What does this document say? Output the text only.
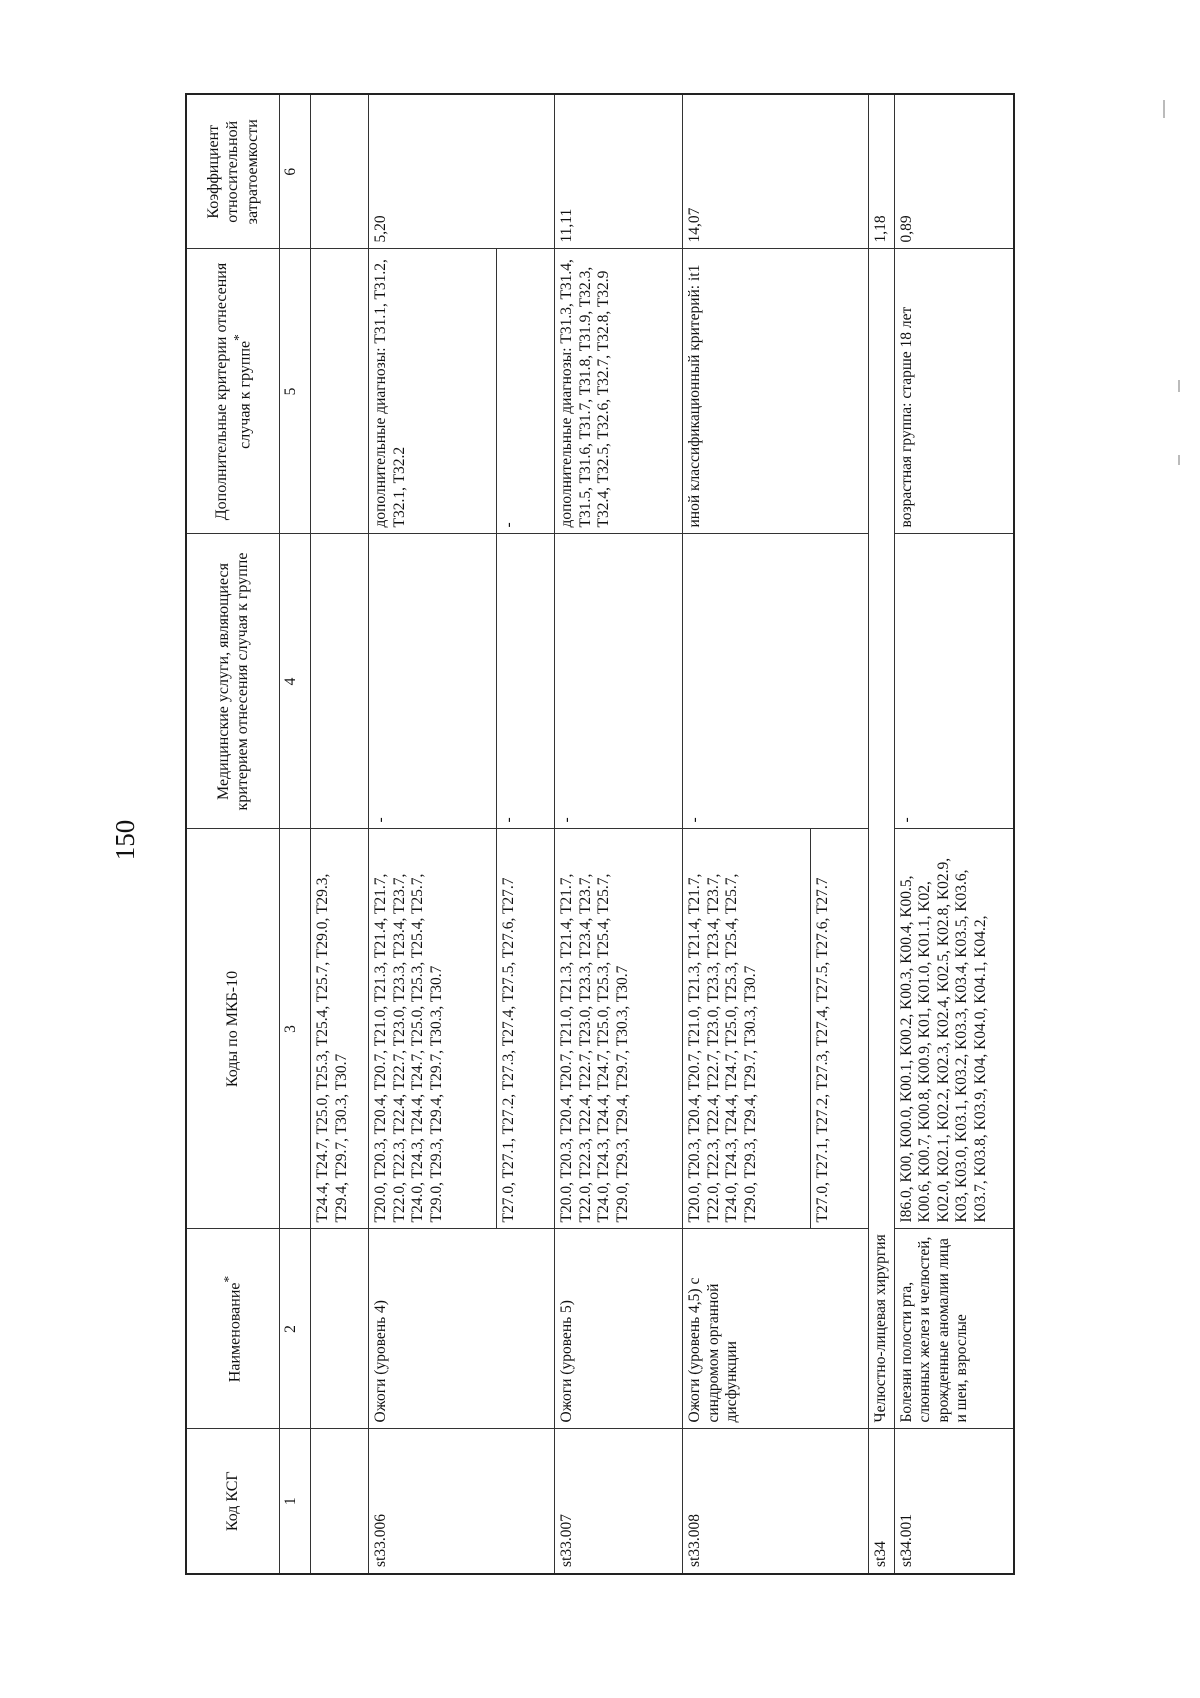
150
Код КСГ	Наименование*	Коды по МКБ-10	Медицинские услуги, являющиеся критерием отнесения случая к группе	Дополнительные критерии отнесения случая к группе*	Коэффициент относительной затратоемкости
1	2	3	4	5	6
		T24.4, T24.7, T25.0, T25.3, T25.4, T25.7, T29.0, T29.3, T29.4, T29.7, T30.3, T30.7			
st33.006	Ожоги (уровень 4)	T20.0, T20.3, T20.4, T20.7, T21.0, T21.3, T21.4, T21.7, T22.0, T22.3, T22.4, T22.7, T23.0, T23.3, T23.4, T23.7, T24.0, T24.3, T24.4, T24.7, T25.0, T25.3, T25.4, T25.7, T29.0, T29.3, T29.4, T29.7, T30.3, T30.7	-	дополнительные диагнозы: T31.1, T31.2, T32.1, T32.2	5,20
		T27.0, T27.1, T27.2, T27.3, T27.4, T27.5, T27.6, T27.7	-	-	
st33.007	Ожоги (уровень 5)	T20.0, T20.3, T20.4, T20.7, T21.0, T21.3, T21.4, T21.7, T22.0, T22.3, T22.4, T22.7, T23.0, T23.3, T23.4, T23.7, T24.0, T24.3, T24.4, T24.7, T25.0, T25.3, T25.4, T25.7, T29.0, T29.3, T29.4, T29.7, T30.3, T30.7	-	дополнительные диагнозы: T31.3, T31.4, T31.5, T31.6, T31.7, T31.8, T31.9, T32.3, T32.4, T32.5, T32.6, T32.7, T32.8, T32.9	11,11
st33.008	Ожоги (уровень 4,5) с синдромом органной дисфункции	T20.0, T20.3, T20.4, T20.7, T21.0, T21.3, T21.4, T21.7, T22.0, T22.3, T22.4, T22.7, T23.0, T23.3, T23.4, T23.7, T24.0, T24.3, T24.4, T24.7, T25.0, T25.3, T25.4, T25.7, T29.0, T29.3, T29.4, T29.7, T30.3, T30.7	-	иной классификационный критерий: it1	14,07
		T27.0, T27.1, T27.2, T27.3, T27.4, T27.5, T27.6, T27.7			
st34	Челюстно-лицевая хирургия				1,18
st34.001	Болезни полости рта, слюнных желез и челюстей, врожденные аномалии лица и шеи, взрослые	I86.0, K00, K00.0, K00.1, K00.2, K00.3, K00.4, K00.5, K00.6, K00.7, K00.8, K00.9, K01, K01.0, K01.1, K02, K02.0, K02.1, K02.2, K02.3, K02.4, K02.5, K02.8, K02.9, K03, K03.0, K03.1, K03.2, K03.3, K03.4, K03.5, K03.6, K03.7, K03.8, K03.9, K04, K04.0, K04.1, K04.2,	-	возрастная группа: старше 18 лет	0,89
